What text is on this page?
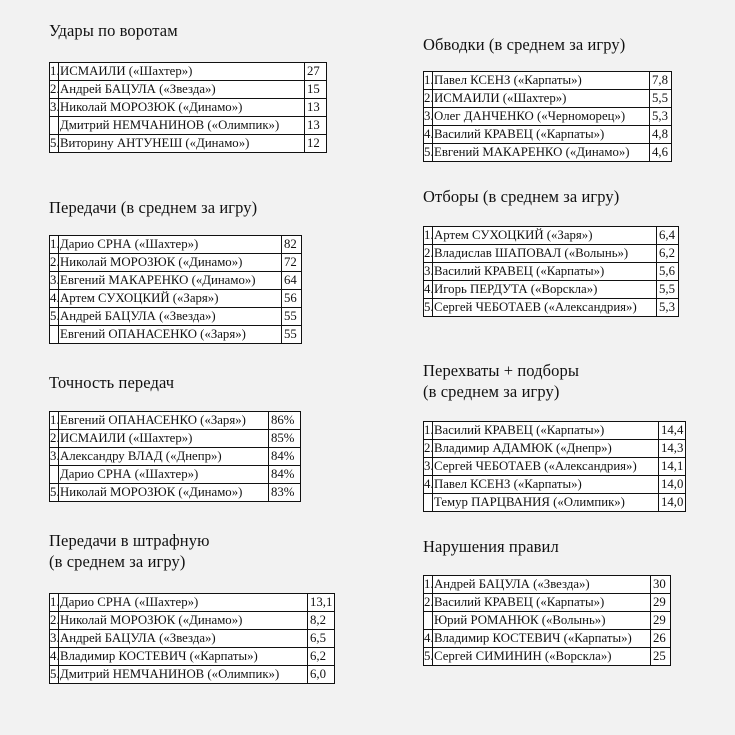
Удары по воротам
1.	ИСМАИЛИ («Шахтер»)	27
2.	Андрей БАЦУЛА («Звезда»)	15
3.	Николай МОРОЗЮК («Динамо»)	13
	Дмитрий НЕМЧАНИНОВ («Олимпик»)	13
5.	Виторину АНТУНЕШ («Динамо»)	12
Передачи (в среднем за игру)
1.	Дарио СРНА («Шахтер»)	82
2.	Николай МОРОЗЮК («Динамо»)	72
3.	Евгений МАКАРЕНКО («Динамо»)	64
4.	Артем СУХОЦКИЙ («Заря»)	56
5.	Андрей БАЦУЛА («Звезда»)	55
	Евгений ОПАНАСЕНКО («Заря»)	55
Точность передач
1.	Евгений ОПАНАСЕНКО («Заря»)	86%
2.	ИСМАИЛИ («Шахтер»)	85%
3.	Александру ВЛАД («Днепр»)	84%
	Дарио СРНА («Шахтер»)	84%
5.	Николай МОРОЗЮК («Динамо»)	83%
Передачи в штрафную
(в среднем за игру)
1.	Дарио СРНА («Шахтер»)	13,1
2.	Николай МОРОЗЮК («Динамо»)	8,2
3.	Андрей БАЦУЛА («Звезда»)	6,5
4.	Владимир КОСТЕВИЧ («Карпаты»)	6,2
5.	Дмитрий НЕМЧАНИНОВ («Олимпик»)	6,0
Обводки (в среднем за игру)
1.	Павел КСЕНЗ («Карпаты»)	7,8
2.	ИСМАИЛИ («Шахтер»)	5,5
3.	Олег ДАНЧЕНКО («Черноморец»)	5,3
4.	Василий КРАВЕЦ («Карпаты»)	4,8
5.	Евгений МАКАРЕНКО («Динамо»)	4,6
Отборы (в среднем за игру)
1.	Артем СУХОЦКИЙ («Заря»)	6,4
2.	Владислав ШАПОВАЛ («Волынь»)	6,2
3.	Василий КРАВЕЦ («Карпаты»)	5,6
4.	Игорь ПЕРДУТА («Ворскла»)	5,5
5.	Сергей ЧЕБОТАЕВ («Александрия»)	5,3
Перехваты + подборы
(в среднем за игру)
1.	Василий КРАВЕЦ («Карпаты»)	14,4
2.	Владимир АДАМЮК («Днепр»)	14,3
3.	Сергей ЧЕБОТАЕВ («Александрия»)	14,1
4.	Павел КСЕНЗ («Карпаты»)	14,0
	Темур ПАРЦВАНИЯ («Олимпик»)	14,0
Нарушения правил
1.	Андрей БАЦУЛА («Звезда»)	30
2.	Василий КРАВЕЦ («Карпаты»)	29
	Юрий РОМАНЮК («Волынь»)	29
4.	Владимир КОСТЕВИЧ («Карпаты»)	26
5.	Сергей СИМИНИН («Ворскла»)	25
